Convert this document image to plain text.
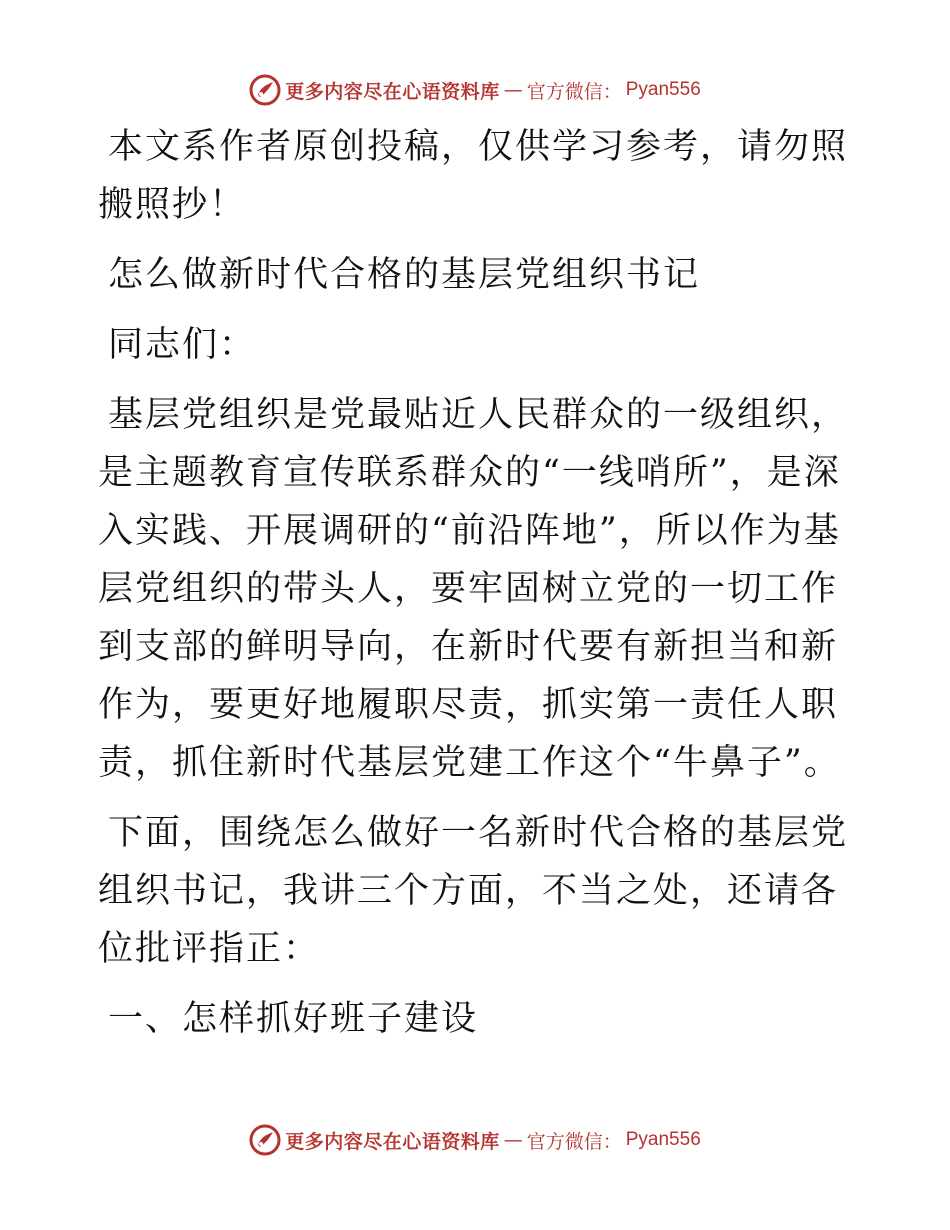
更多内容尽在心语资料库 — 官方微信： Pyan556

本文系作者原创投稿，仅供学习参考，请勿照搬照抄！

怎么做新时代合格的基层党组织书记

同志们：

基层党组织是党最贴近人民群众的一级组织，是主题教育宣传联系群众的“一线哨所”，是深入实践、开展调研的“前沿阵地”，所以作为基层党组织的带头人，要牢固树立党的一切工作到支部的鲜明导向，在新时代要有新担当和新作为，要更好地履职尽责，抓实第一责任人职责，抓住新时代基层党建工作这个“牛鼻子”。

下面，围绕怎么做好一名新时代合格的基层党组织书记，我讲三个方面，不当之处，还请各位批评指正：

一、怎样抓好班子建设

更多内容尽在心语资料库 — 官方微信： Pyan556
